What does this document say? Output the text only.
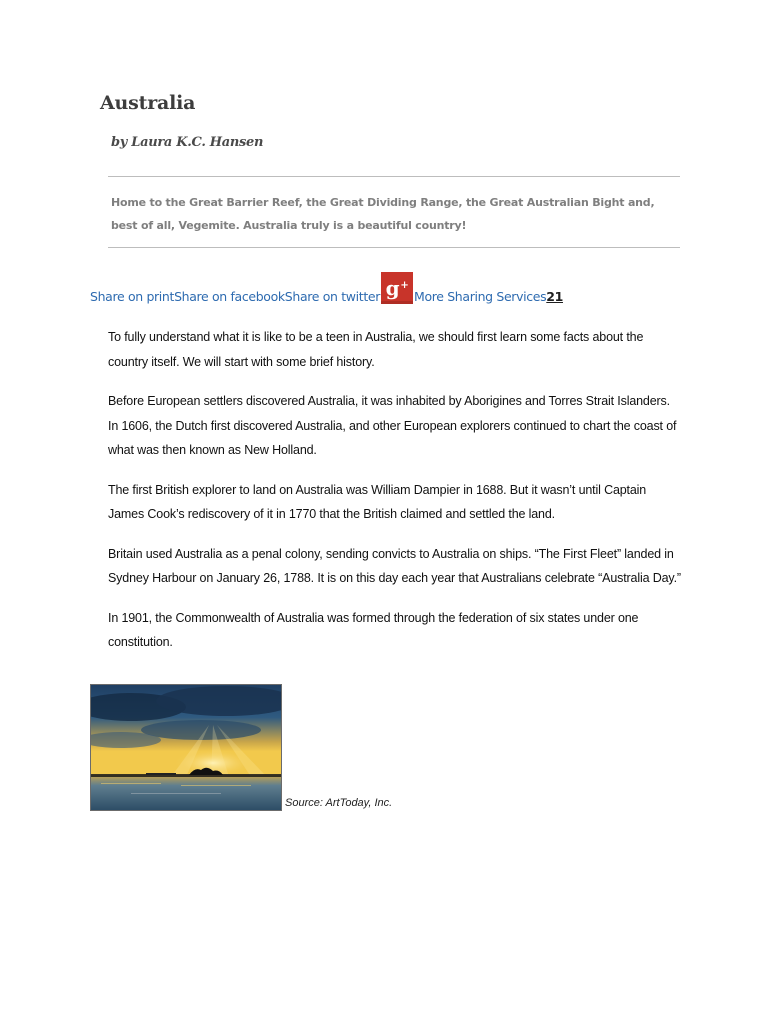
Australia

by Laura K.C. Hansen

Home to the Great Barrier Reef, the Great Dividing Range, the Great Australian Bight and, best of all, Vegemite. Australia truly is a beautiful country!

Share on print Share on facebook Share on twitter g +
More Sharing Services 21

To fully understand what it is like to be a teen in Australia, we should first learn some facts about the country itself. We will start with some brief history.

Before European settlers discovered Australia, it was inhabited by Aborigines and Torres Strait Islanders. In 1606, the Dutch first discovered Australia, and other European explorers continued to chart the coast of what was then known as New Holland.

The first British explorer to land on Australia was William Dampier in 1688. But it wasn’t until Captain James Cook’s rediscovery of it in 1770 that the British claimed and settled the land.

Britain used Australia as a penal colony, sending convicts to Australia on ships. “The First Fleet” landed in Sydney Harbour on January 26, 1788. It is on this day each year that Australians celebrate “Australia Day.”

In 1901, the Commonwealth of Australia was formed through the federation of six states under one constitution.

Source: ArtToday, Inc.
